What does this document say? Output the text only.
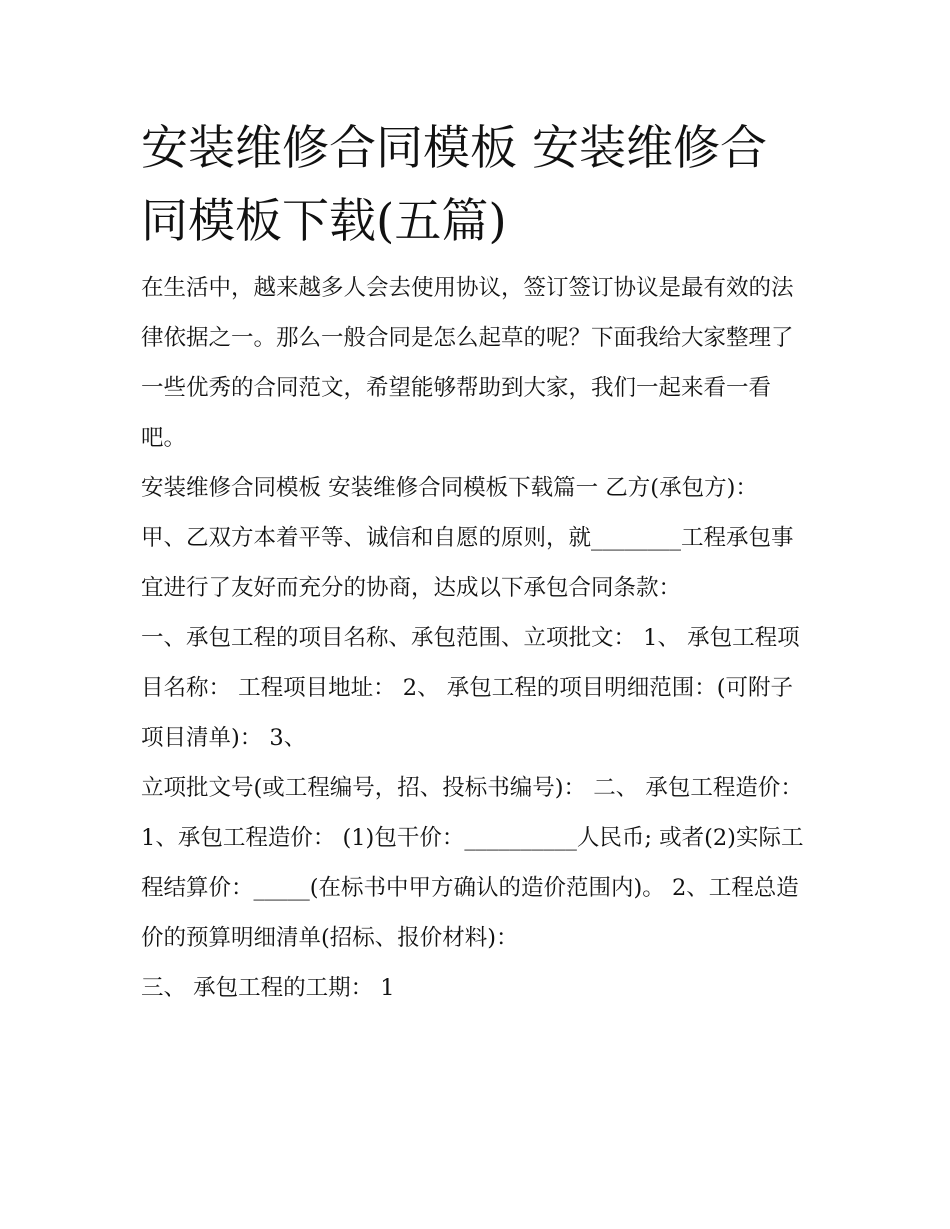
安装维修合同模板 安装维修合同模板下载(五篇)

在生活中，越来越多人会去使用协议，签订签订协议是最有效的法律依据之一。那么一般合同是怎么起草的呢？下面我给大家整理了一些优秀的合同范文，希望能够帮助到大家，我们一起来看一看吧。

安装维修合同模板 安装维修合同模板下载篇一 乙方(承包方)：

甲、乙双方本着平等、诚信和自愿的原则，就________工程承包事宜进行了友好而充分的协商，达成以下承包合同条款：

一、承包工程的项目名称、承包范围、立项批文： 1、 承包工程项目名称： 工程项目地址： 2、 承包工程的项目明细范围：(可附子项目清单)： 3、

立项批文号(或工程编号，招、投标书编号)： 二、 承包工程造价： 1、承包工程造价： (1)包干价：__________人民币; 或者(2)实际工程结算价：_____(在标书中甲方确认的造价范围内)。 2、工程总造价的预算明细清单(招标、报价材料)：

三、 承包工程的工期： 1
